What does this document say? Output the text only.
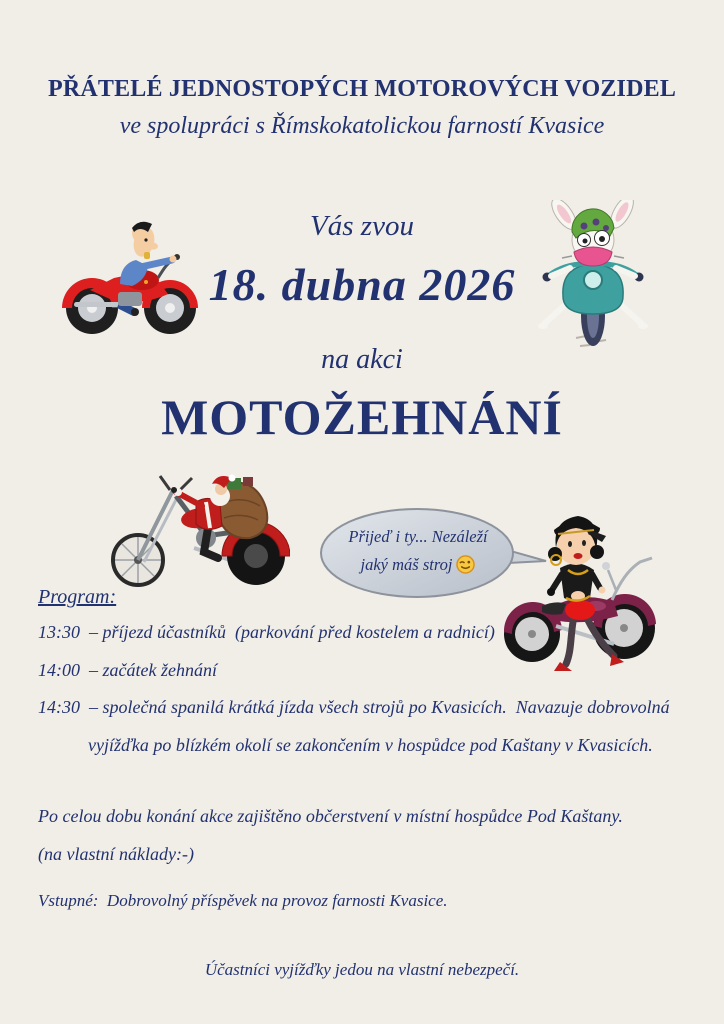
PŘÁTELÉ JEDNOSTOPÝCH MOTOROVÝCH VOZIDEL
ve spolupráci s Římskokatolickou farností Kvasice
Vás zvou
18. dubna 2026
na akci
MOTOŽEHNÁNÍ
Přijeď i ty... Nezáleží
jaký máš stroj
Program:
13:30  – příjezd účastníků  (parkování před kostelem a radnicí)
14:00  – začátek žehnání
14:30  – společná spanilá krátká jízda všech strojů po Kvasicích.  Navazuje dobrovolná
vyjížďka po blízkém okolí se zakončením v hospůdce pod Kaštany v Kvasicích.
Po celou dobu konání akce zajištěno občerstvení v místní hospůdce Pod Kaštany.
(na vlastní náklady:-)
Vstupné:  Dobrovolný příspěvek na provoz farnosti Kvasice.
Účastníci vyjížďky jedou na vlastní nebezpečí.
